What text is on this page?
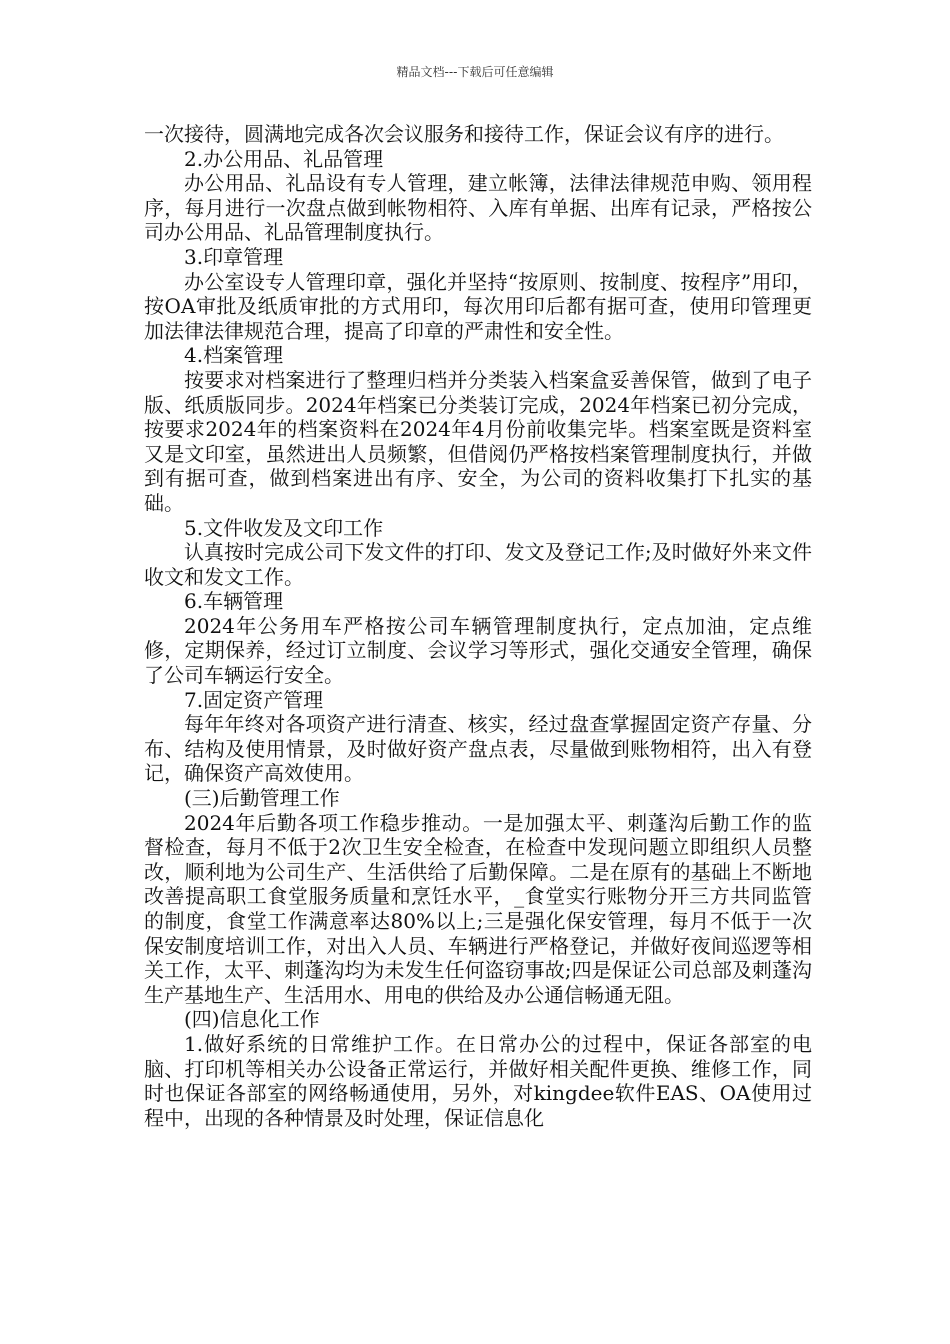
精品文档---下载后可任意编辑

一次接待，圆满地完成各次会议服务和接待工作，保证会议有序的进行。

2.办公用品、礼品管理

办公用品、礼品设有专人管理，建立帐簿，法律法律规范申购、领用程序，每月进行一次盘点做到帐物相符、入库有单据、出库有记录，严格按公司办公用品、礼品管理制度执行。

3.印章管理

办公室设专人管理印章，强化并坚持“按原则、按制度、按程序”用印，按OA审批及纸质审批的方式用印，每次用印后都有据可查，使用印管理更加法律法律规范合理，提高了印章的严肃性和安全性。

4.档案管理

按要求对档案进行了整理归档并分类装入档案盒妥善保管，做到了电子版、纸质版同步。2024年档案已分类装订完成，2024年档案已初分完成，按要求2024年的档案资料在2024年4月份前收集完毕。档案室既是资料室又是文印室，虽然进出人员频繁，但借阅仍严格按档案管理制度执行，并做到有据可查，做到档案进出有序、安全，为公司的资料收集打下扎实的基础。

5.文件收发及文印工作

认真按时完成公司下发文件的打印、发文及登记工作;及时做好外来文件收文和发文工作。

6.车辆管理

2024年公务用车严格按公司车辆管理制度执行，定点加油，定点维修，定期保养，经过订立制度、会议学习等形式，强化交通安全管理，确保了公司车辆运行安全。

7.固定资产管理

每年年终对各项资产进行清查、核实，经过盘查掌握固定资产存量、分布、结构及使用情景，及时做好资产盘点表，尽量做到账物相符，出入有登记，确保资产高效使用。

(三)后勤管理工作

2024年后勤各项工作稳步推动。一是加强太平、刺蓬沟后勤工作的监督检查，每月不低于2次卫生安全检查，在检查中发现问题立即组织人员整改，顺利地为公司生产、生活供给了后勤保障。二是在原有的基础上不断地改善提高职工食堂服务质量和烹饪水平，_食堂实行账物分开三方共同监管的制度，食堂工作满意率达80%以上;三是强化保安管理，每月不低于一次保安制度培训工作，对出入人员、车辆进行严格登记，并做好夜间巡逻等相关工作，太平、刺蓬沟均为未发生任何盗窃事故;四是保证公司总部及刺蓬沟生产基地生产、生活用水、用电的供给及办公通信畅通无阻。

(四)信息化工作

1.做好系统的日常维护工作。在日常办公的过程中，保证各部室的电脑、打印机等相关办公设备正常运行，并做好相关配件更换、维修工作，同时也保证各部室的网络畅通使用，另外，对kingdee软件EAS、OA使用过程中，出现的各种情景及时处理，保证信息化
